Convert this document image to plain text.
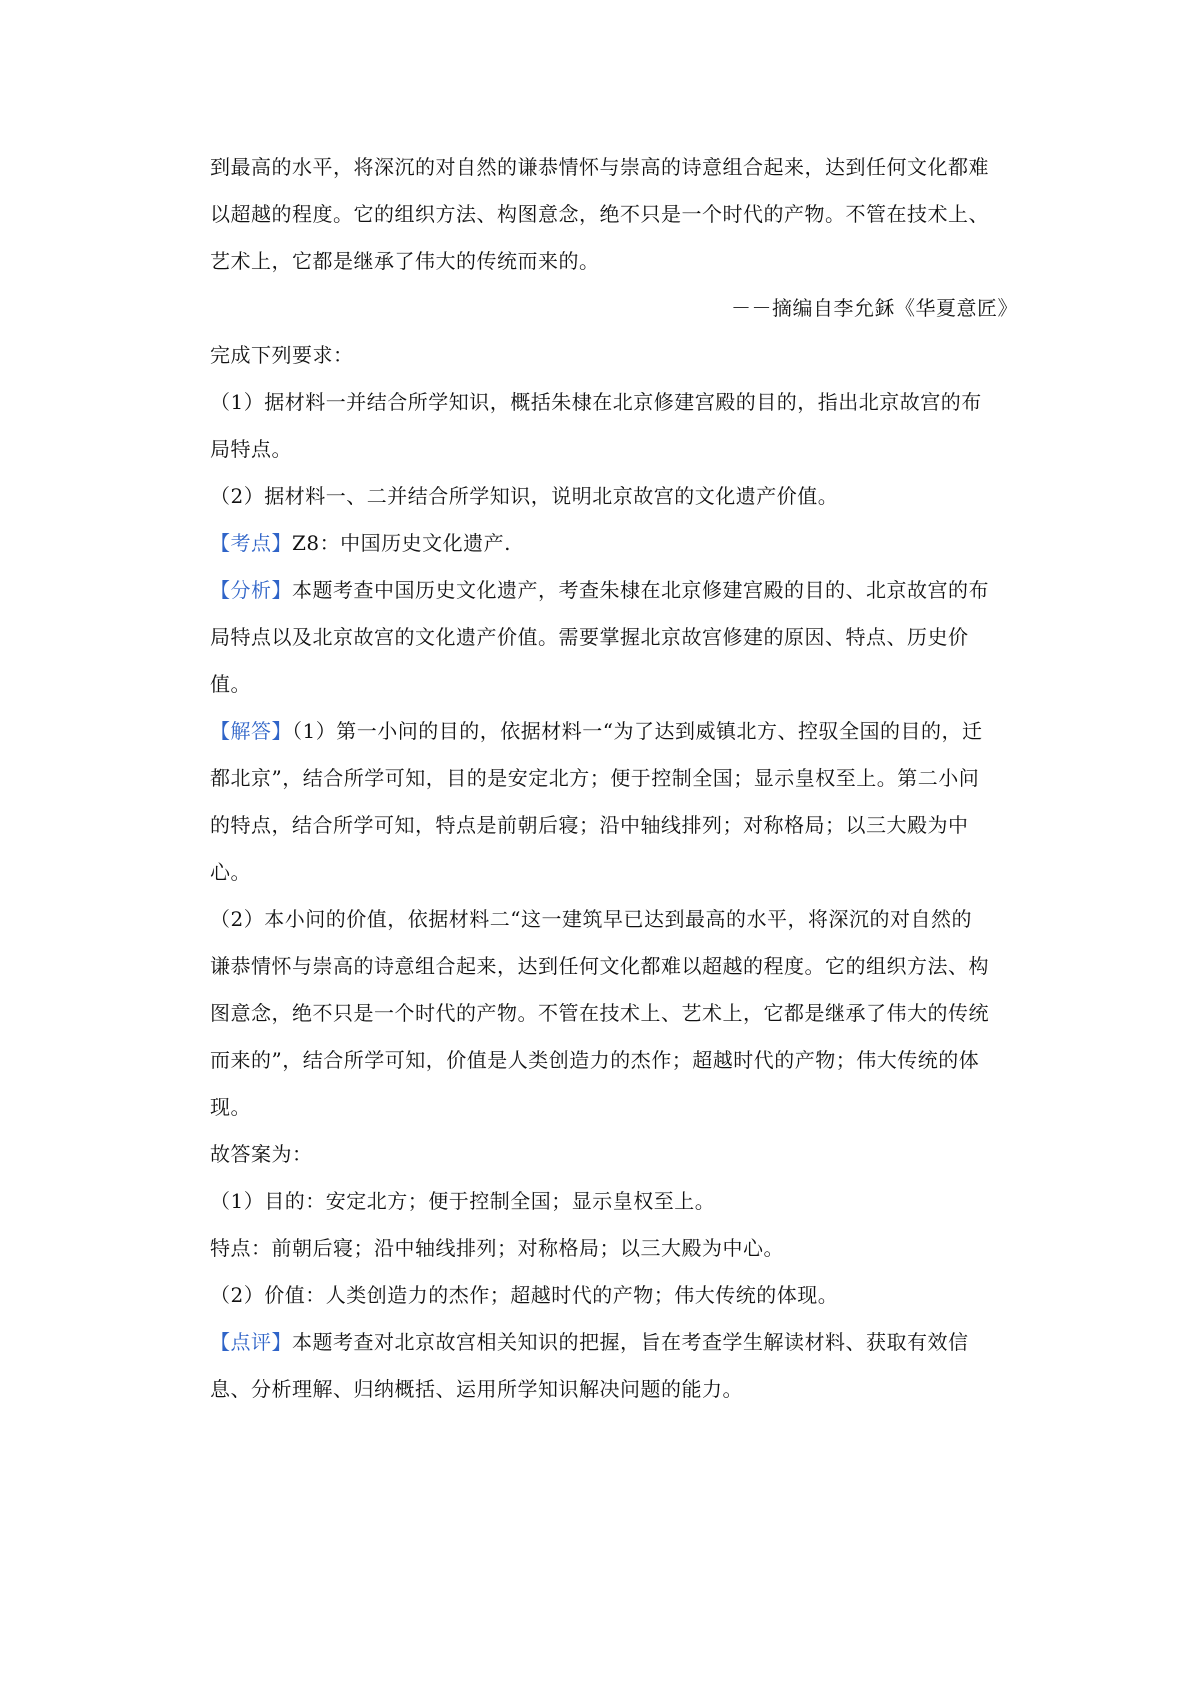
到最高的水平，将深沉的对自然的谦恭情怀与崇高的诗意组合起来，达到任何文化都难

以超越的程度。它的组织方法、构图意念，绝不只是一个时代的产物。不管在技术上、

艺术上，它都是继承了伟大的传统而来的。

－－摘编自李允鉌《华夏意匠》

完成下列要求：

（1）据材料一并结合所学知识，概括朱棣在北京修建宫殿的目的，指出北京故宫的布

局特点。

（2）据材料一、二并结合所学知识，说明北京故宫的文化遗产价值。

【考点】Z8：中国历史文化遗产.

【分析】本题考查中国历史文化遗产，考查朱棣在北京修建宫殿的目的、北京故宫的布

局特点以及北京故宫的文化遗产价值。需要掌握北京故宫修建的原因、特点、历史价

值。

【解答】（1）第一小问的目的，依据材料一“为了达到威镇北方、控驭全国的目的，迁

都北京”，结合所学可知，目的是安定北方；便于控制全国；显示皇权至上。第二小问

的特点，结合所学可知，特点是前朝后寝；沿中轴线排列；对称格局；以三大殿为中

心。

（2）本小问的价值，依据材料二“这一建筑早已达到最高的水平，将深沉的对自然的

谦恭情怀与崇高的诗意组合起来，达到任何文化都难以超越的程度。它的组织方法、构

图意念，绝不只是一个时代的产物。不管在技术上、艺术上，它都是继承了伟大的传统

而来的”，结合所学可知，价值是人类创造力的杰作；超越时代的产物；伟大传统的体

现。

故答案为：

（1）目的：安定北方；便于控制全国；显示皇权至上。

特点：前朝后寝；沿中轴线排列；对称格局；以三大殿为中心。

（2）价值：人类创造力的杰作；超越时代的产物；伟大传统的体现。

【点评】本题考查对北京故宫相关知识的把握，旨在考查学生解读材料、获取有效信

息、分析理解、归纳概括、运用所学知识解决问题的能力。
